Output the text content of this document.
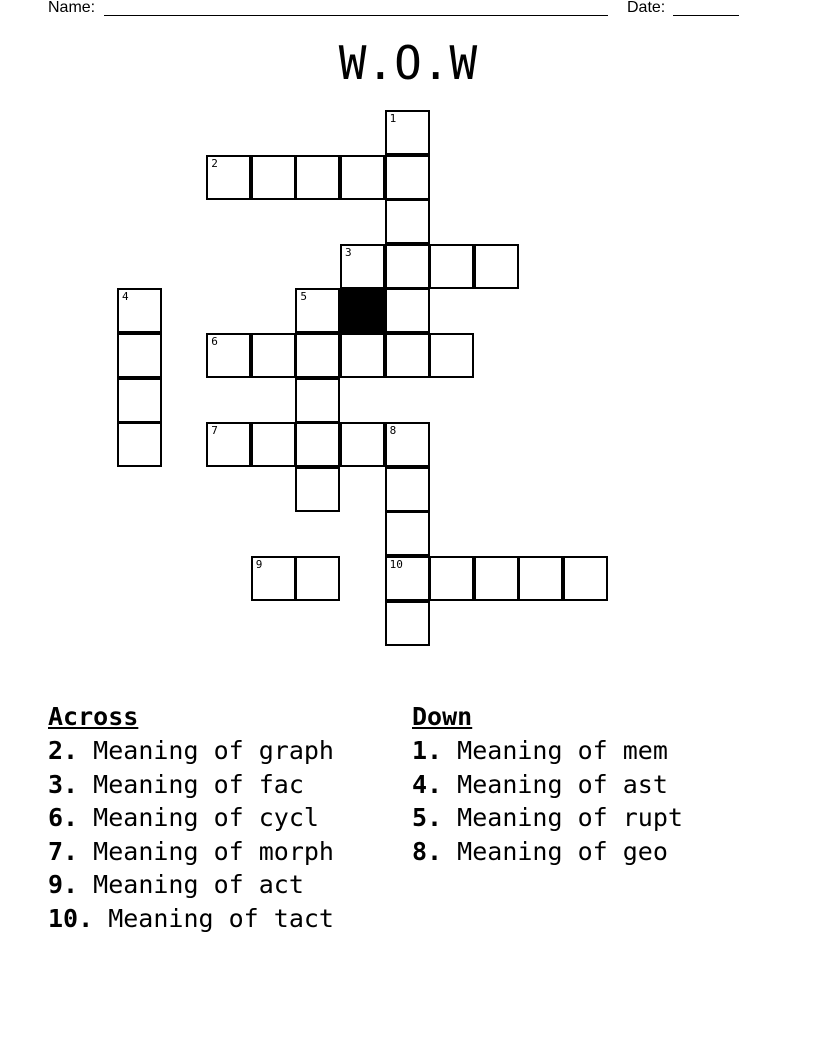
Name:	Date:
W.O.W
1
2
3
4	5
6
7	8
9	10
Across
2. Meaning of graph
3. Meaning of fac
6. Meaning of cycl
7. Meaning of morph
9. Meaning of act
10. Meaning of tact
Down
1. Meaning of mem
4. Meaning of ast
5. Meaning of rupt
8. Meaning of geo
